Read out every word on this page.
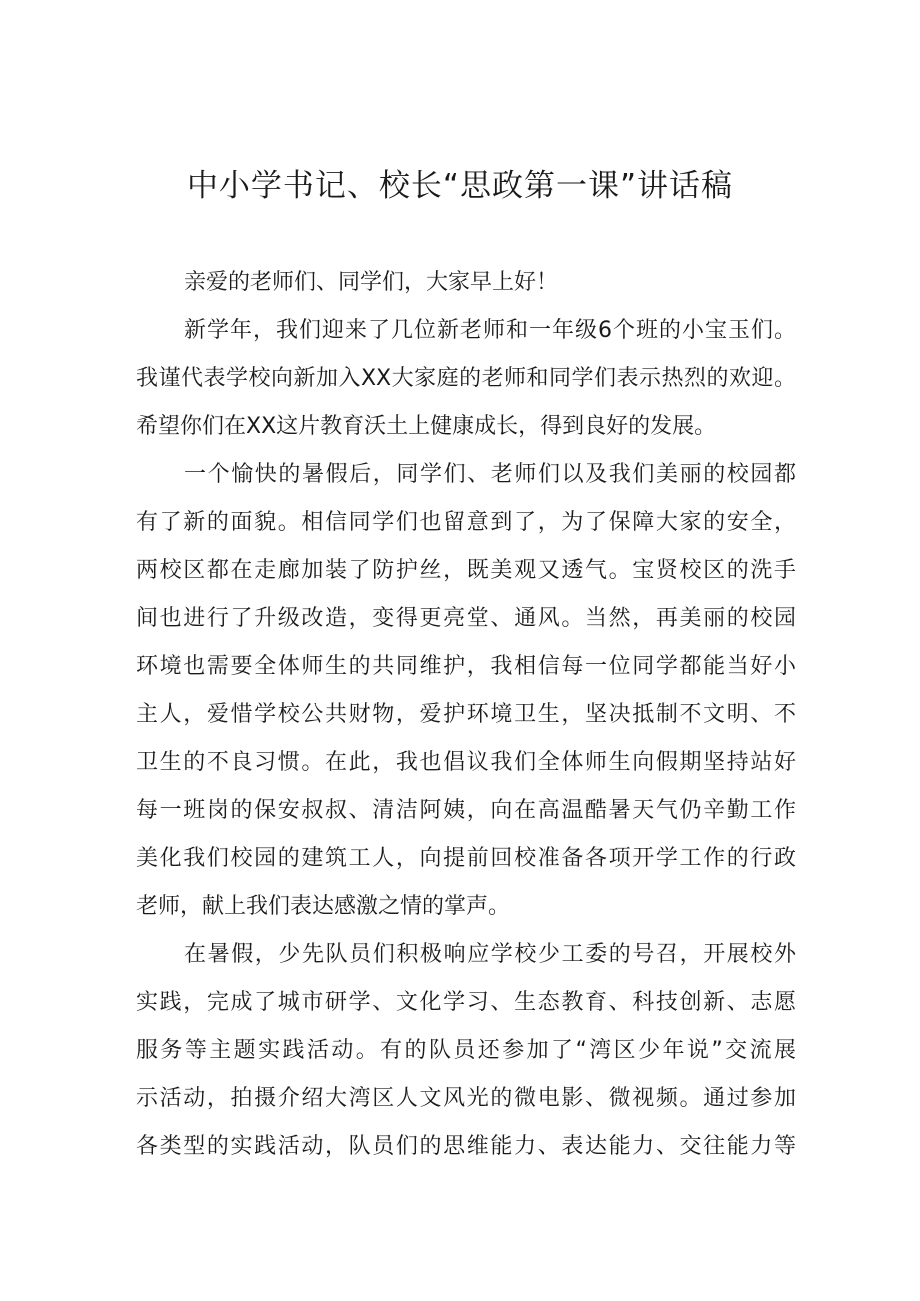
中小学书记、校长“思政第一课”讲话稿

亲爱的老师们、同学们，大家早上好！

新学年，我们迎来了几位新老师和一年级6个班的小宝玉们。

我谨代表学校向新加入XX大家庭的老师和同学们表示热烈的欢迎。

希望你们在XX这片教育沃土上健康成长，得到良好的发展。

一个愉快的暑假后，同学们、老师们以及我们美丽的校园都

有了新的面貌。相信同学们也留意到了，为了保障大家的安全，

两校区都在走廊加装了防护丝，既美观又透气。宝贤校区的洗手

间也进行了升级改造，变得更亮堂、通风。当然，再美丽的校园

环境也需要全体师生的共同维护，我相信每一位同学都能当好小

主人，爱惜学校公共财物，爱护环境卫生，坚决抵制不文明、不

卫生的不良习惯。在此，我也倡议我们全体师生向假期坚持站好

每一班岗的保安叔叔、清洁阿姨，向在高温酷暑天气仍辛勤工作

美化我们校园的建筑工人，向提前回校准备各项开学工作的行政

老师，献上我们表达感激之情的掌声。

在暑假，少先队员们积极响应学校少工委的号召，开展校外

实践，完成了城市研学、文化学习、生态教育、科技创新、志愿

服务等主题实践活动。有的队员还参加了“湾区少年说”交流展

示活动，拍摄介绍大湾区人文风光的微电影、微视频。通过参加

各类型的实践活动，队员们的思维能力、表达能力、交往能力等
